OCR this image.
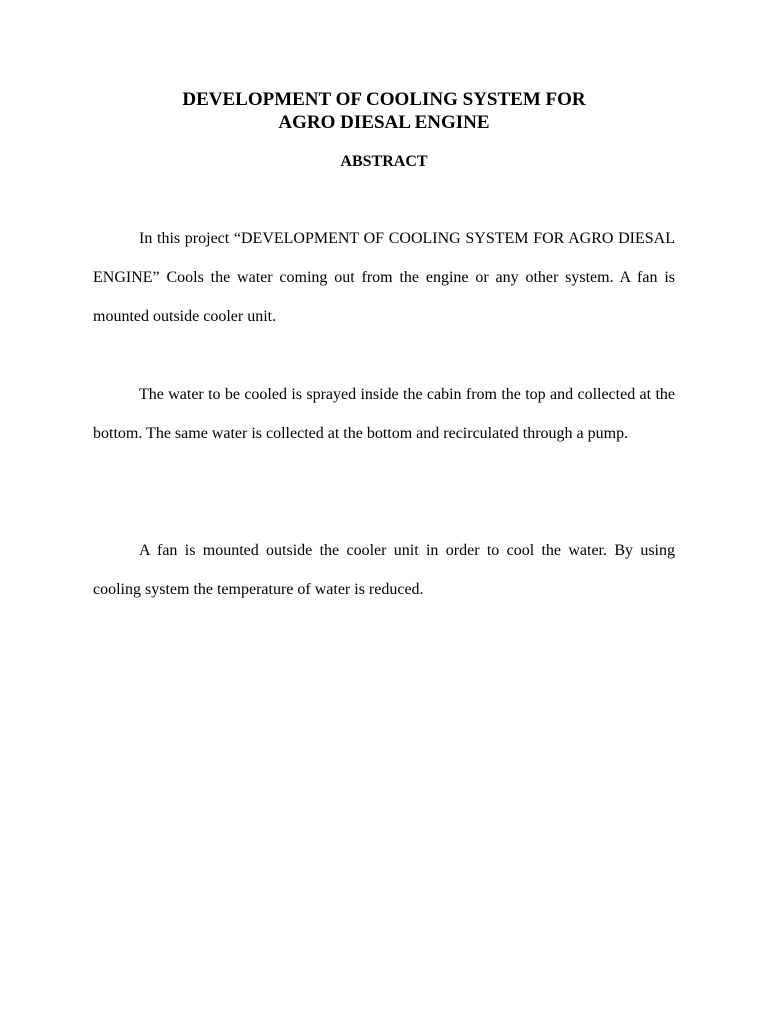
DEVELOPMENT OF COOLING SYSTEM FOR
AGRO DIESAL ENGINE
ABSTRACT

In this project “DEVELOPMENT OF COOLING SYSTEM FOR AGRO DIESAL ENGINE” Cools the water coming out from the engine or any other system. A fan is mounted outside cooler unit.

The water to be cooled is sprayed inside the cabin from the top and collected at the bottom. The same water is collected at the bottom and recirculated through a pump.

A fan is mounted outside the cooler unit in order to cool the water. By using cooling system the temperature of water is reduced.
